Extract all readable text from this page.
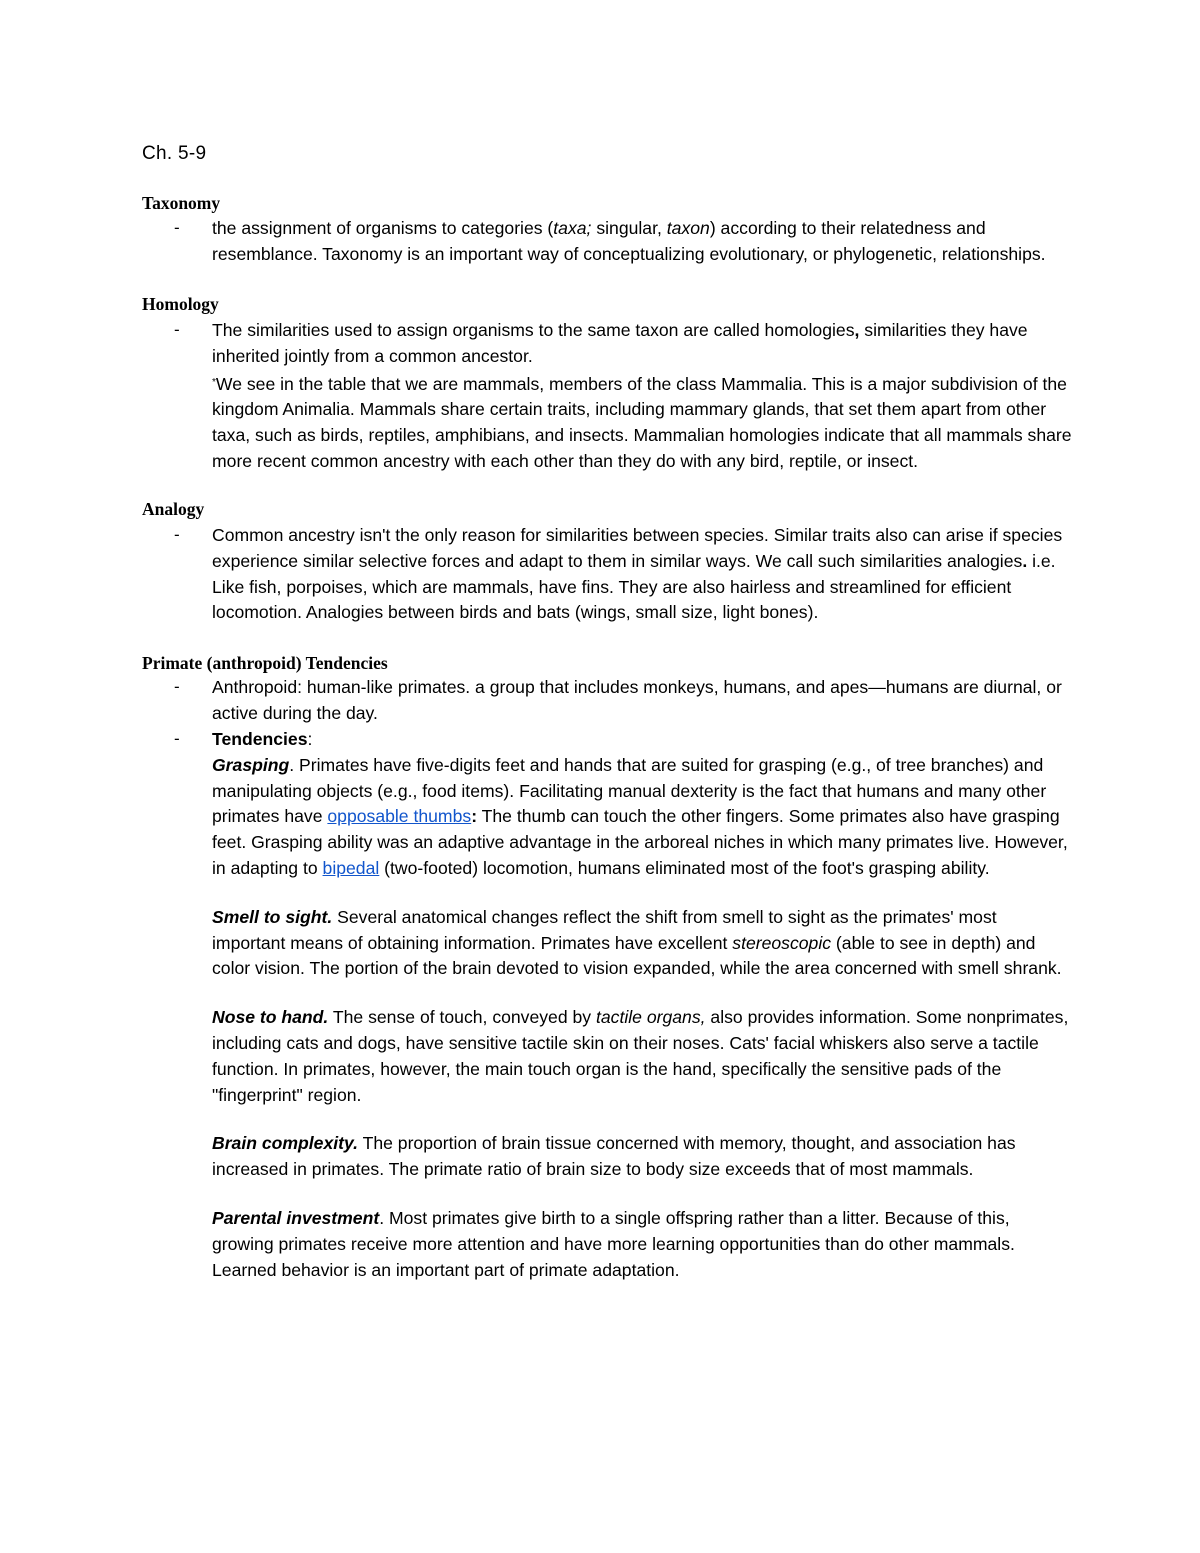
Ch. 5-9
Taxonomy
- the assignment of organisms to categories (taxa; singular, taxon) according to their relatedness and resemblance. Taxonomy is an important way of conceptualizing evolutionary, or phylogenetic, relationships.

Homology
- The similarities used to assign organisms to the same taxon are called homologies, similarities they have inherited jointly from a common ancestor.

*We see in the table that we are mammals, members of the class Mammalia. This is a major subdivision of the kingdom Animalia. Mammals share certain traits, including mammary glands, that set them apart from other taxa, such as birds, reptiles, amphibians, and insects. Mammalian homologies indicate that all mammals share more recent common ancestry with each other than they do with any bird, reptile, or insect.

Analogy
- Common ancestry isn't the only reason for similarities between species. Similar traits also can arise if species experience similar selective forces and adapt to them in similar ways. We call such similarities analogies. i.e. Like fish, porpoises, which are mammals, have fins. They are also hairless and streamlined for efficient locomotion. Analogies between birds and bats (wings, small size, light bones).

Primate (anthropoid) Tendencies
- Anthropoid: human-like primates. a group that includes monkeys, humans, and apes—humans are diurnal, or active during the day.

- Tendencies:

Grasping. Primates have five-digits feet and hands that are suited for grasping (e.g., of tree branches) and manipulating objects (e.g., food items). Facilitating manual dexterity is the fact that humans and many other primates have opposable thumbs: The thumb can touch the other fingers. Some primates also have grasping feet. Grasping ability was an adaptive advantage in the arboreal niches in which many primates live. However, in adapting to bipedal (two-footed) locomotion, humans eliminated most of the foot's grasping ability.

Smell to sight. Several anatomical changes reflect the shift from smell to sight as the primates' most important means of obtaining information. Primates have excellent stereoscopic (able to see in depth) and color vision. The portion of the brain devoted to vision expanded, while the area concerned with smell shrank.

Nose to hand. The sense of touch, conveyed by tactile organs, also provides information. Some nonprimates, including cats and dogs, have sensitive tactile skin on their noses. Cats' facial whiskers also serve a tactile function. In primates, however, the main touch organ is the hand, specifically the sensitive pads of the "fingerprint" region.

Brain complexity. The proportion of brain tissue concerned with memory, thought, and association has increased in primates. The primate ratio of brain size to body size exceeds that of most mammals.

Parental investment. Most primates give birth to a single offspring rather than a litter. Because of this, growing primates receive more attention and have more learning opportunities than do other mammals. Learned behavior is an important part of primate adaptation.
